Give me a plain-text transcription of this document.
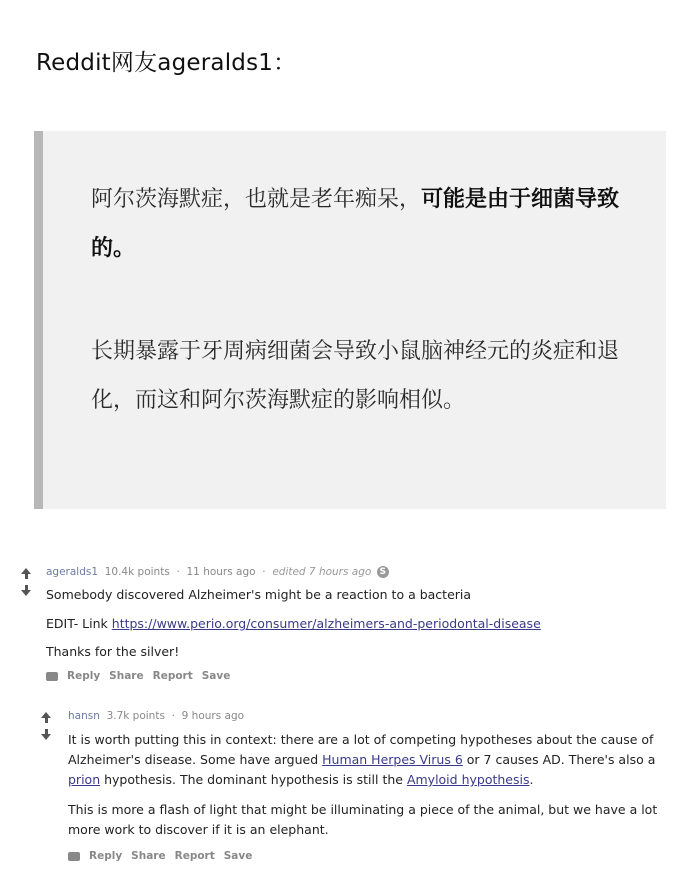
Reddit网友ageralds1：
阿尔茨海默症，也就是老年痴呆，可能是由于细菌导致的。
长期暴露于牙周病细菌会导致小鼠脑神经元的炎症和退化，而这和阿尔茨海默症的影响相似。
ageralds1 10.4k points · 11 hours ago · edited 7 hours ago S
Somebody discovered Alzheimer's might be a reaction to a bacteria
EDIT- Link https://www.perio.org/consumer/alzheimers-and-periodontal-disease
Thanks for the silver!
Reply Share Report Save
hansn 3.7k points · 9 hours ago
It is worth putting this in context: there are a lot of competing hypotheses about the cause of Alzheimer's disease. Some have argued Human Herpes Virus 6 or 7 causes AD. There's also a prion hypothesis. The dominant hypothesis is still the Amyloid hypothesis.
This is more a flash of light that might be illuminating a piece of the animal, but we have a lot more work to discover if it is an elephant.
Reply Share Report Save
